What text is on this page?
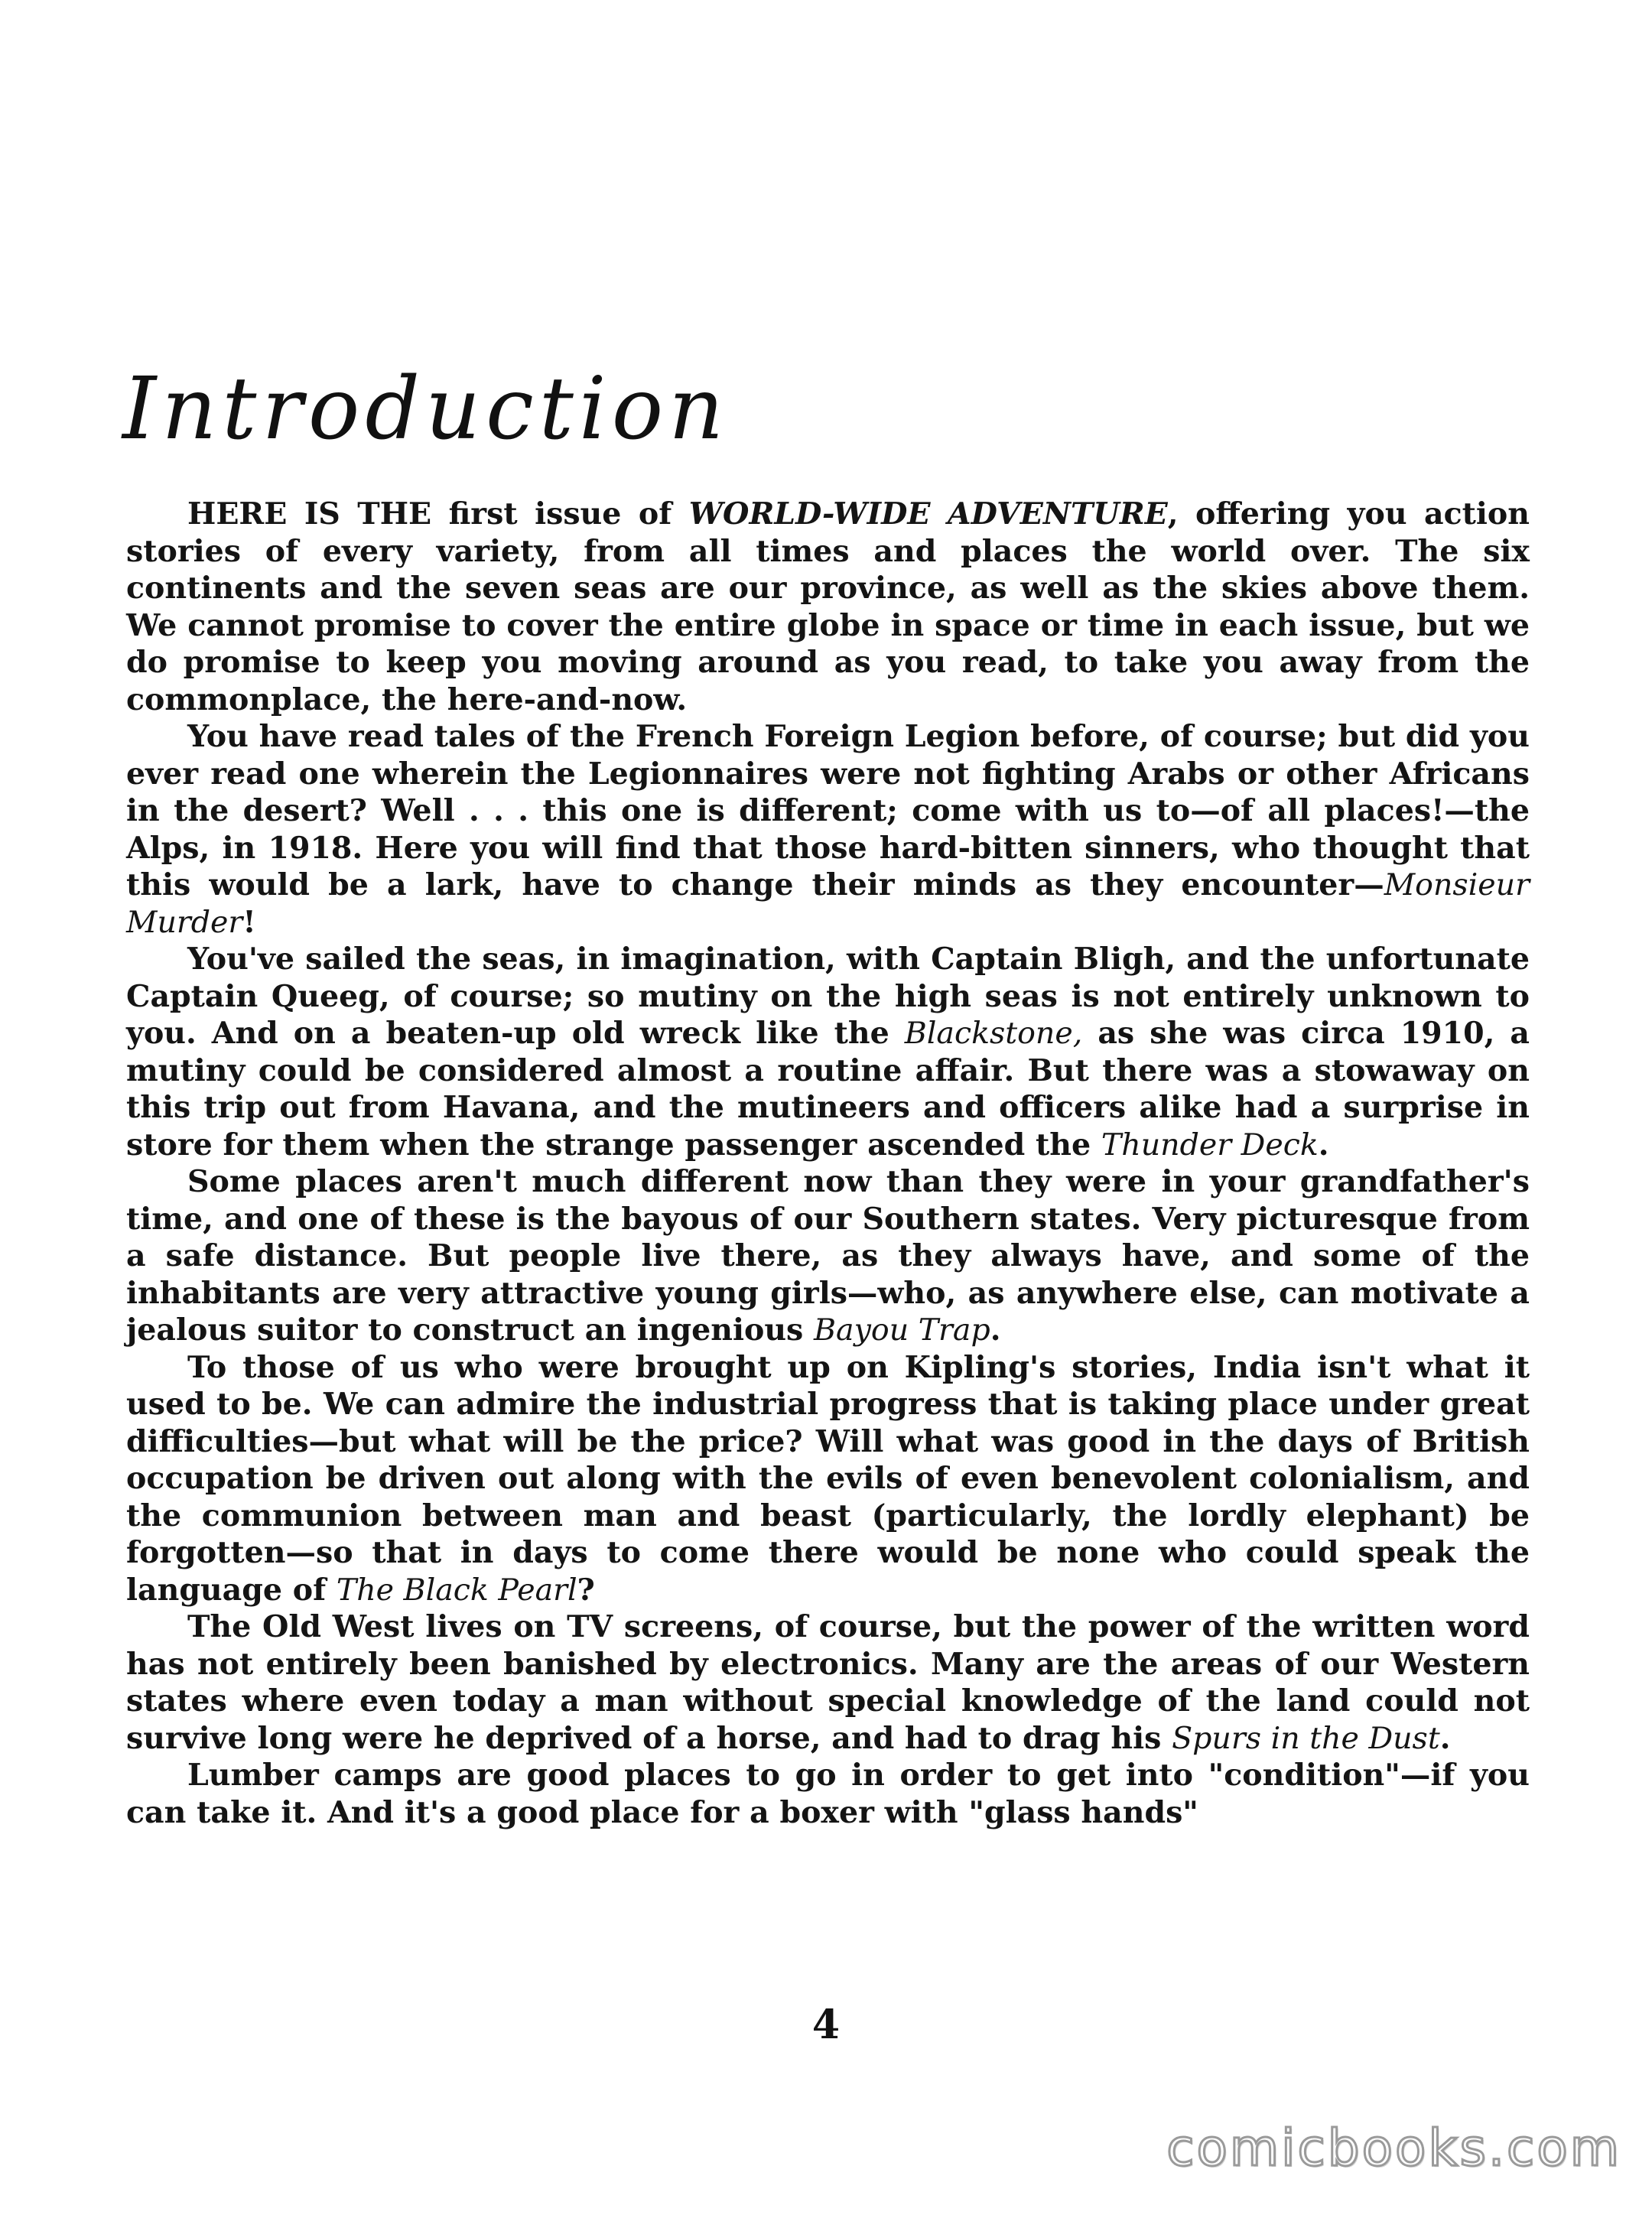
Introduction

HERE IS THE first issue of WORLD-WIDE ADVENTURE, offering you action stories of every variety, from all times and places the world over. The six continents and the seven seas are our province, as well as the skies above them. We cannot promise to cover the entire globe in space or time in each issue, but we do promise to keep you moving around as you read, to take you away from the commonplace, the here-and-now.

You have read tales of the French Foreign Legion before, of course; but did you ever read one wherein the Legionnaires were not fighting Arabs or other Africans in the desert? Well . . . this one is different; come with us to—of all places!—the Alps, in 1918. Here you will find that those hard-bitten sinners, who thought that this would be a lark, have to change their minds as they encounter—Monsieur Murder!

You've sailed the seas, in imagination, with Captain Bligh, and the unfortunate Captain Queeg, of course; so mutiny on the high seas is not entirely unknown to you. And on a beaten-up old wreck like the Blackstone, as she was circa 1910, a mutiny could be considered almost a routine affair. But there was a stowaway on this trip out from Havana, and the mutineers and officers alike had a surprise in store for them when the strange passenger ascended the Thunder Deck.

Some places aren't much different now than they were in your grandfather's time, and one of these is the bayous of our Southern states. Very picturesque from a safe distance. But people live there, as they always have, and some of the inhabitants are very attractive young girls—who, as anywhere else, can motivate a jealous suitor to construct an ingenious Bayou Trap.

To those of us who were brought up on Kipling's stories, India isn't what it used to be. We can admire the industrial progress that is taking place under great difficulties—but what will be the price? Will what was good in the days of British occupation be driven out along with the evils of even benevolent colonialism, and the communion between man and beast (particularly, the lordly elephant) be forgotten—so that in days to come there would be none who could speak the language of The Black Pearl?

The Old West lives on TV screens, of course, but the power of the written word has not entirely been banished by electronics. Many are the areas of our Western states where even today a man without special knowledge of the land could not survive long were he deprived of a horse, and had to drag his Spurs in the Dust.

Lumber camps are good places to go in order to get into "condition"—if you can take it. And it's a good place for a boxer with "glass hands"

4
comicbooks.com
